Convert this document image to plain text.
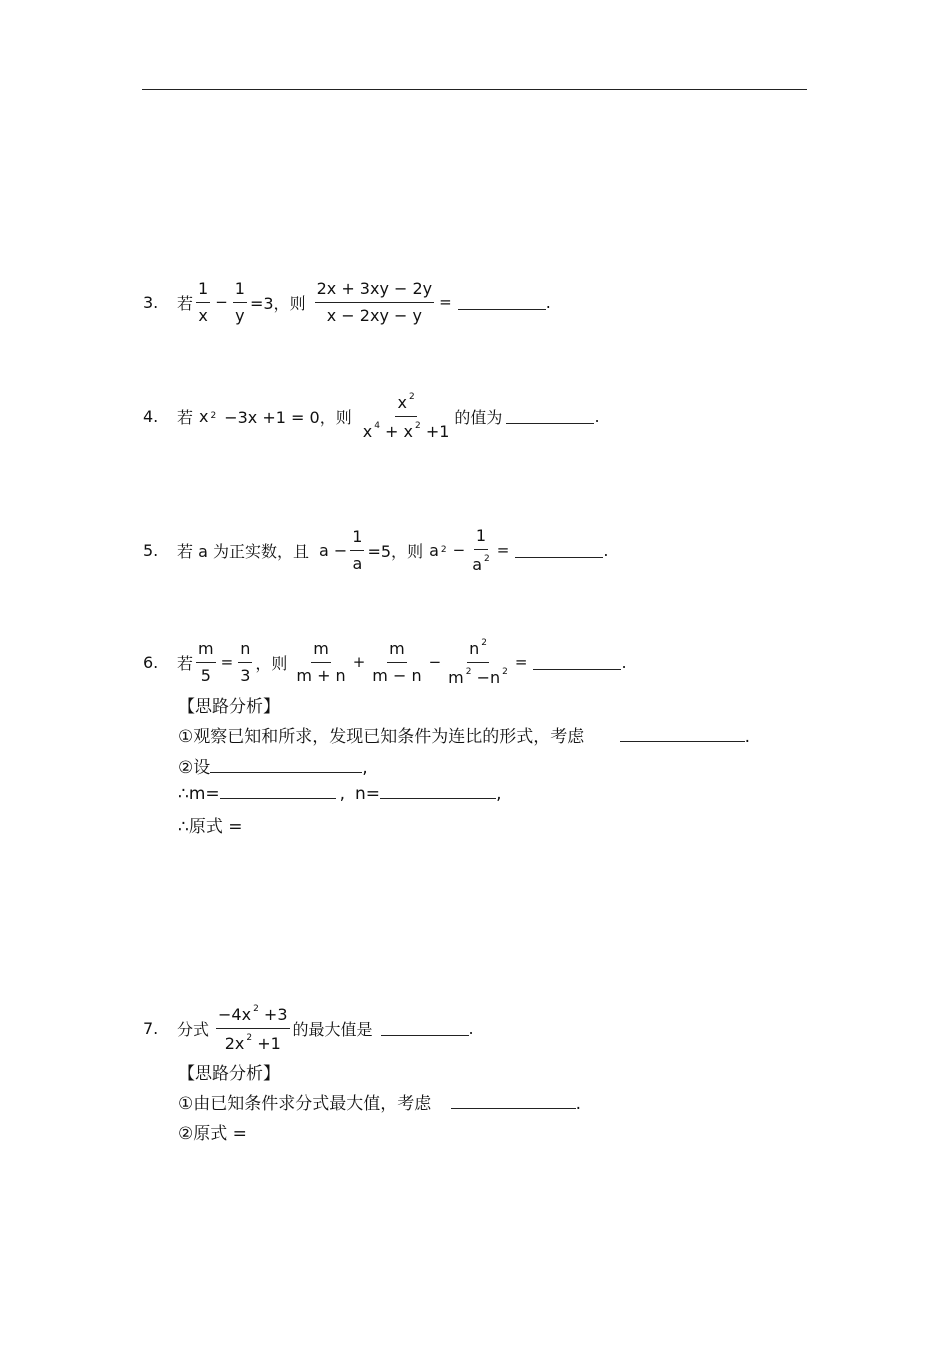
3.	若 $\frac{1}{x} - \frac{1}{y} =3$， 则 $\frac{2x + 3xy - 2y}{x - 2xy - y}$ =	.
4.	若 x 2 −3x +1 = 0， 则 $\frac{x ^2}{x ^4 + x ^2 +1}$ 的值为	.
5.	若 a 为正实数，且 $a - \frac{1}{a} =5$， 则 a $2 - \frac{1}{a ^2}$ =	.
6.	若 $\frac{m}{5} = \frac{n}{3}$ ，则 $\frac{m}{m + n} + \frac{m}{m - n} - \frac{n ^2}{m ^2 -n ^2}$ =	.
【思路分析】
①观察已知和所求，发现已知条件为连比的形式，考虑	.
②设	,
∴m=	, n=	,
∴原式 =
7.	分式 $\frac{-4x ^2 +3}{2x ^2 +1}$ 的最大值是	.
【思路分析】
①由已知条件求分式最大值，考虑	.
②原式 =
